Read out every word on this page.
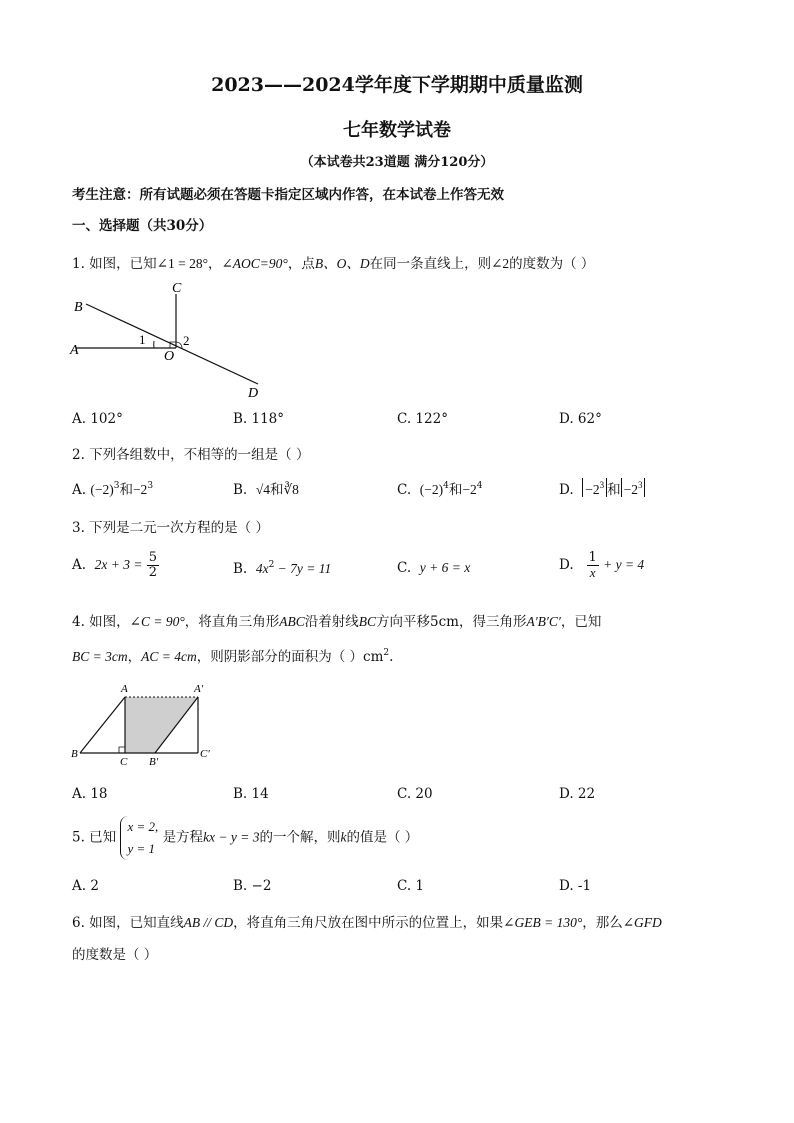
2023——2024学年度下学期期中质量监测
七年数学试卷
（本试卷共23道题 满分120分）
考生注意：所有试题必须在答题卡指定区域内作答，在本试卷上作答无效
一、选择题（共30分）
1. 如图，已知∠1 = 28°，∠AOC=90°，点B、O、D在同一条直线上，则∠2的度数为（ ）
A
B
C
D
O
1	2
A. 102°	B. 118°	C. 122°	D. 62°
2. 下列各组数中，不相等的一组是（ ）
A. $(-2)^3$和$-2^3$	B. √4和∛8	C. $(-2)^4$和$-2^4$	D. $-2^3$ 和 $-2^3$
3. 下列是二元一次方程的是（ ）
A. $2x + 3 = \frac{5}{2}$	B. $4x^2 - 7y = 11$	C. y + 6 = x	D. $\frac{1}{x} + y = 4$
4. 如图，∠C = 90°，将直角三角形ABC沿着射线BC方向平移5cm，得三角形A′B′C′，已知
BC = 3cm，AC = 4cm，则阴影部分的面积为（ ）$cm^2$.
A	A′
B
C B′
C′
A. 18	B. 14	C. 20	D. 22
5. 已知
x = 2,
y = 1
是方程kx − y = 3的一个解，则k的值是（ ）
A. 2	B. −2	C. 1	D. -1
6. 如图，已知直线AB // CD，将直角三角尺放在图中所示的位置上，如果∠GEB = 130°，那么∠GFD
的度数是（ ）
